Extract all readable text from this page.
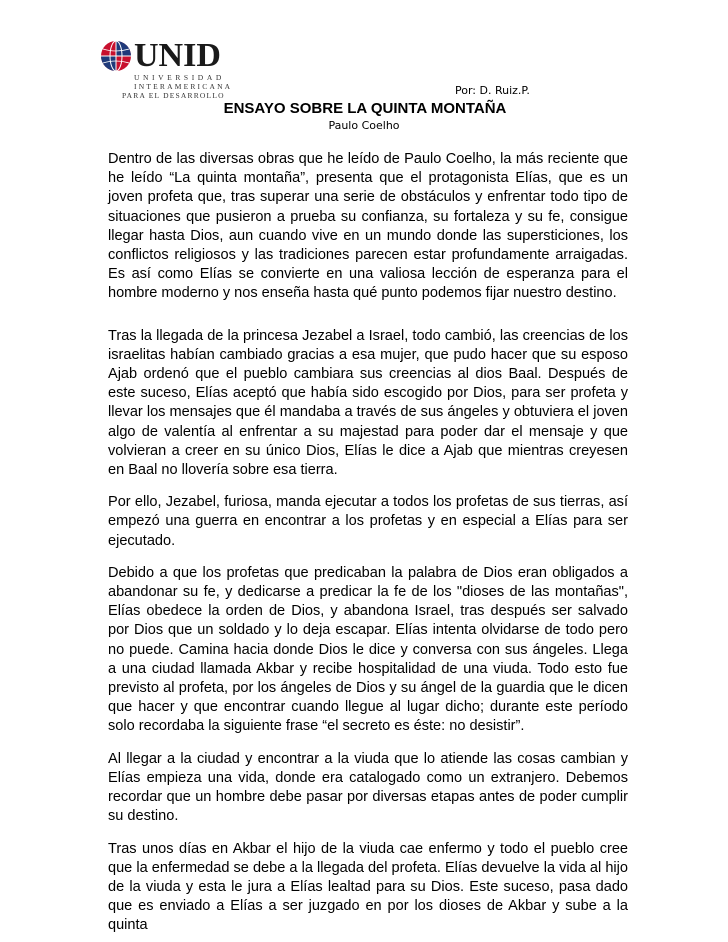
UNID
UNIVERSIDAD
INTERAMERICANA
PARA EL DESARROLLO	Por: D. Ruiz.P.
ENSAYO SOBRE LA QUINTA MONTAÑA
Paulo Coelho

Dentro de las diversas obras que he leído de Paulo Coelho, la más reciente que he leído “La quinta montaña”, presenta que el protagonista Elías, que es un joven profeta que, tras superar una serie de obstáculos y enfrentar todo tipo de situaciones que pusieron a prueba su confianza, su fortaleza y su fe, consigue llegar hasta Dios, aun cuando vive en un mundo donde las supersticiones, los conflictos religiosos y las tradiciones parecen estar profundamente arraigadas. Es así como Elías se convierte en una valiosa lección de esperanza para el hombre moderno y nos enseña hasta qué punto podemos fijar nuestro destino.

Tras la llegada de la princesa Jezabel a Israel, todo cambió, las creencias de los israelitas habían cambiado gracias a esa mujer, que pudo hacer que su esposo Ajab ordenó que el pueblo cambiara sus creencias al dios Baal. Después de este suceso, Elías aceptó que había sido escogido por Dios, para ser profeta y llevar los mensajes que él mandaba a través de sus ángeles y obtuviera el joven algo de valentía al enfrentar a su majestad para poder dar el mensaje y que volvieran a creer en su único Dios, Elías le dice a Ajab que mientras creyesen en Baal no llovería sobre esa tierra.

Por ello, Jezabel, furiosa, manda ejecutar a todos los profetas de sus tierras, así empezó una guerra en encontrar a los profetas y en especial a Elías para ser ejecutado.

Debido a que los profetas que predicaban la palabra de Dios eran obligados a abandonar su fe, y dedicarse a predicar la fe de los "dioses de las montañas", Elías obedece la orden de Dios, y abandona Israel, tras después ser salvado por Dios que un soldado y lo deja escapar. Elías intenta olvidarse de todo pero no puede. Camina hacia donde Dios le dice y conversa con sus ángeles. Llega a una ciudad llamada Akbar y recibe hospitalidad de una viuda. Todo esto fue previsto al profeta, por los ángeles de Dios y su ángel de la guardia que le dicen que hacer y que encontrar cuando llegue al lugar dicho; durante este período solo recordaba la siguiente frase “el secreto es éste: no desistir”.

Al llegar a la ciudad y encontrar a la viuda que lo atiende las cosas cambian y Elías empieza una vida, donde era catalogado como un extranjero. Debemos recordar que un hombre debe pasar por diversas etapas antes de poder cumplir su destino.

Tras unos días en Akbar el hijo de la viuda cae enfermo y todo el pueblo cree que la enfermedad se debe a la llegada del profeta. Elías devuelve la vida al hijo de la viuda y esta le jura a Elías lealtad para su Dios. Este suceso, pasa dado que es enviado a Elías a ser juzgado en por los dioses de Akbar y sube a la quinta
